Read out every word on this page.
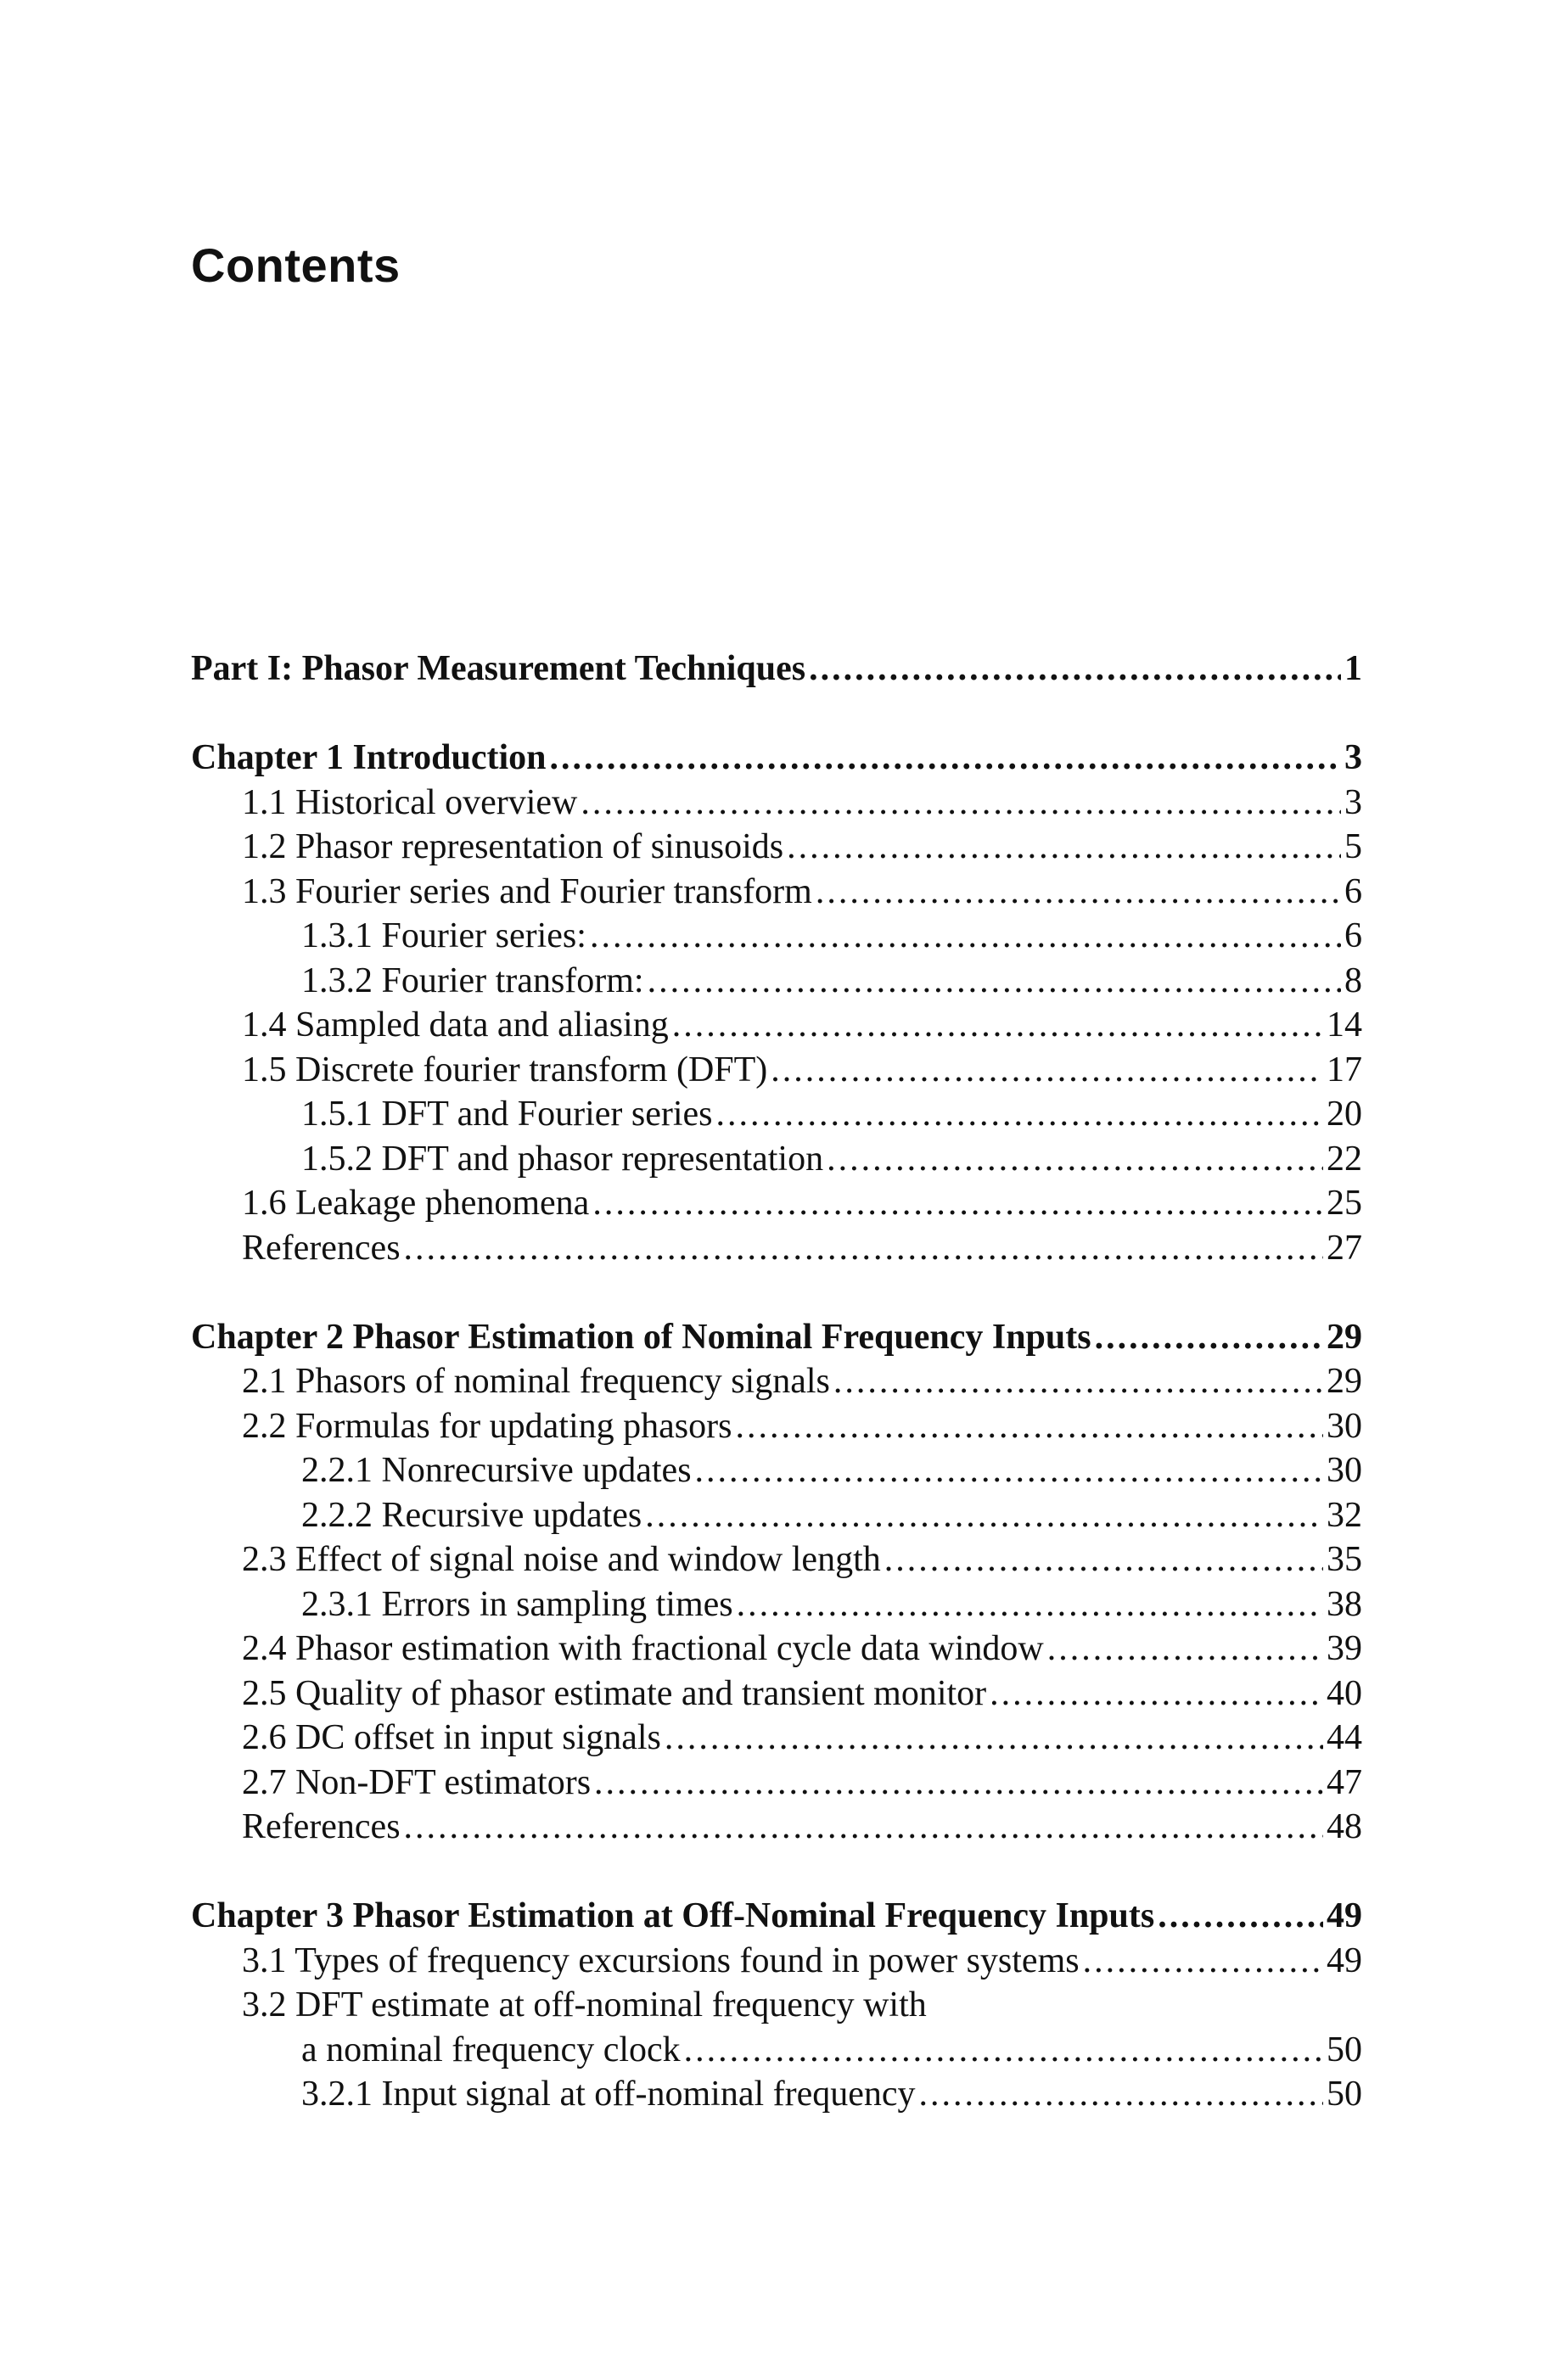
Contents
Part I: Phasor Measurement Techniques .....	1
Chapter 1 Introduction .....	3
1.1 Historical overview .....	3
1.2 Phasor representation of sinusoids .....	5
1.3 Fourier series and Fourier transform .....	6
1.3.1 Fourier series: .....	6
1.3.2 Fourier transform: .....	8
1.4 Sampled data and aliasing .....	14
1.5 Discrete fourier transform (DFT) .....	17
1.5.1 DFT and Fourier series .....	20
1.5.2 DFT and phasor representation .....	22
1.6 Leakage phenomena .....	25
References .....	27
Chapter 2 Phasor Estimation of Nominal Frequency Inputs .....	29
2.1 Phasors of nominal frequency signals .....	29
2.2 Formulas for updating phasors .....	30
2.2.1 Nonrecursive updates .....	30
2.2.2 Recursive updates .....	32
2.3 Effect of signal noise and window length .....	35
2.3.1 Errors in sampling times .....	38
2.4 Phasor estimation with fractional cycle data window .....	39
2.5 Quality of phasor estimate and transient monitor .....	40
2.6 DC offset in input signals .....	44
2.7 Non-DFT estimators .....	47
References .....	48
Chapter 3 Phasor Estimation at Off-Nominal Frequency Inputs .....	49
3.1 Types of frequency excursions found in power systems .....	49
3.2 DFT estimate at off-nominal frequency with
a nominal frequency clock .....	50
3.2.1 Input signal at off-nominal frequency .....	50
